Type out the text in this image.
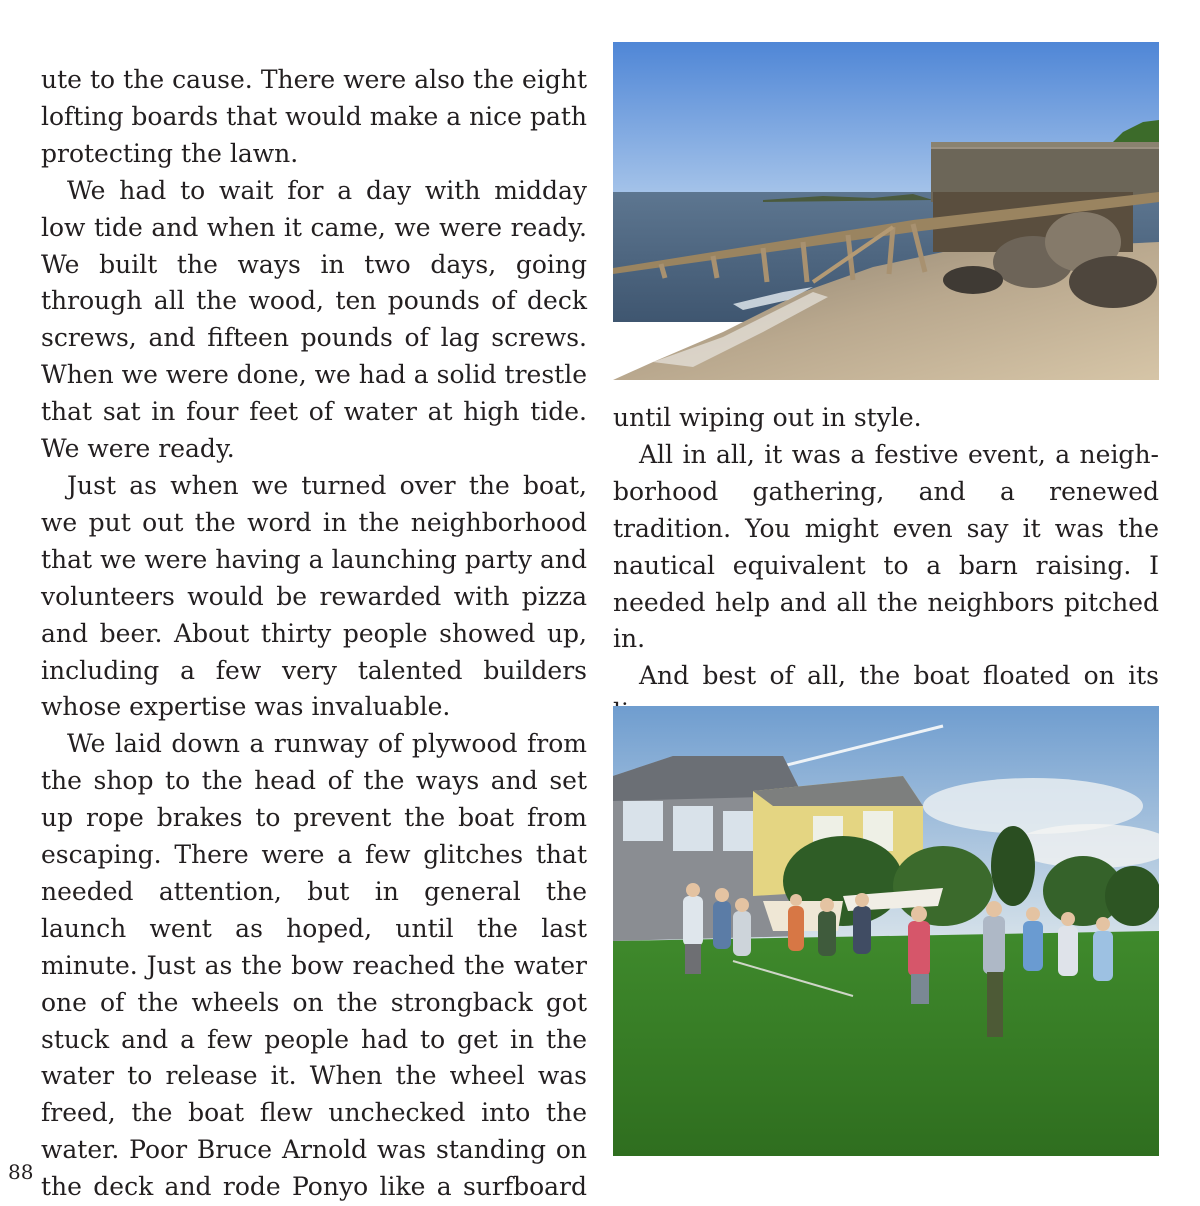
ute to the cause. There were also the eight lofting boards that would make a nice path protecting the lawn.

We had to wait for a day with midday low tide and when it came, we were ready. We built the ways in two days, going through all the wood, ten pounds of deck screws, and fifteen pounds of lag screws. When we were done, we had a solid trestle that sat in four feet of water at high tide. We were ready.

Just as when we turned over the boat, we put out the word in the neighborhood that we were having a launching party and volunteers would be rewarded with pizza and beer. About thirty people showed up, including a few very talented builders whose expertise was invaluable.

We laid down a runway of plywood from the shop to the head of the ways and set up rope brakes to prevent the boat from escaping. There were a few glitches that needed attention, but in general the launch went as hoped, until the last minute. Just as the bow reached the water one of the wheels on the strongback got stuck and a few people had to get in the water to release it. When the wheel was freed, the boat flew unchecked into the water. Poor Bruce Arnold was standing on the deck and rode Ponyo like a surfboard

until wiping out in style.

All in all, it was a festive event, a neighborhood gathering, and a renewed tradition. You might even say it was the nautical equivalent to a barn raising. I needed help and all the neighbors pitched in.

And best of all, the boat floated on its

88
